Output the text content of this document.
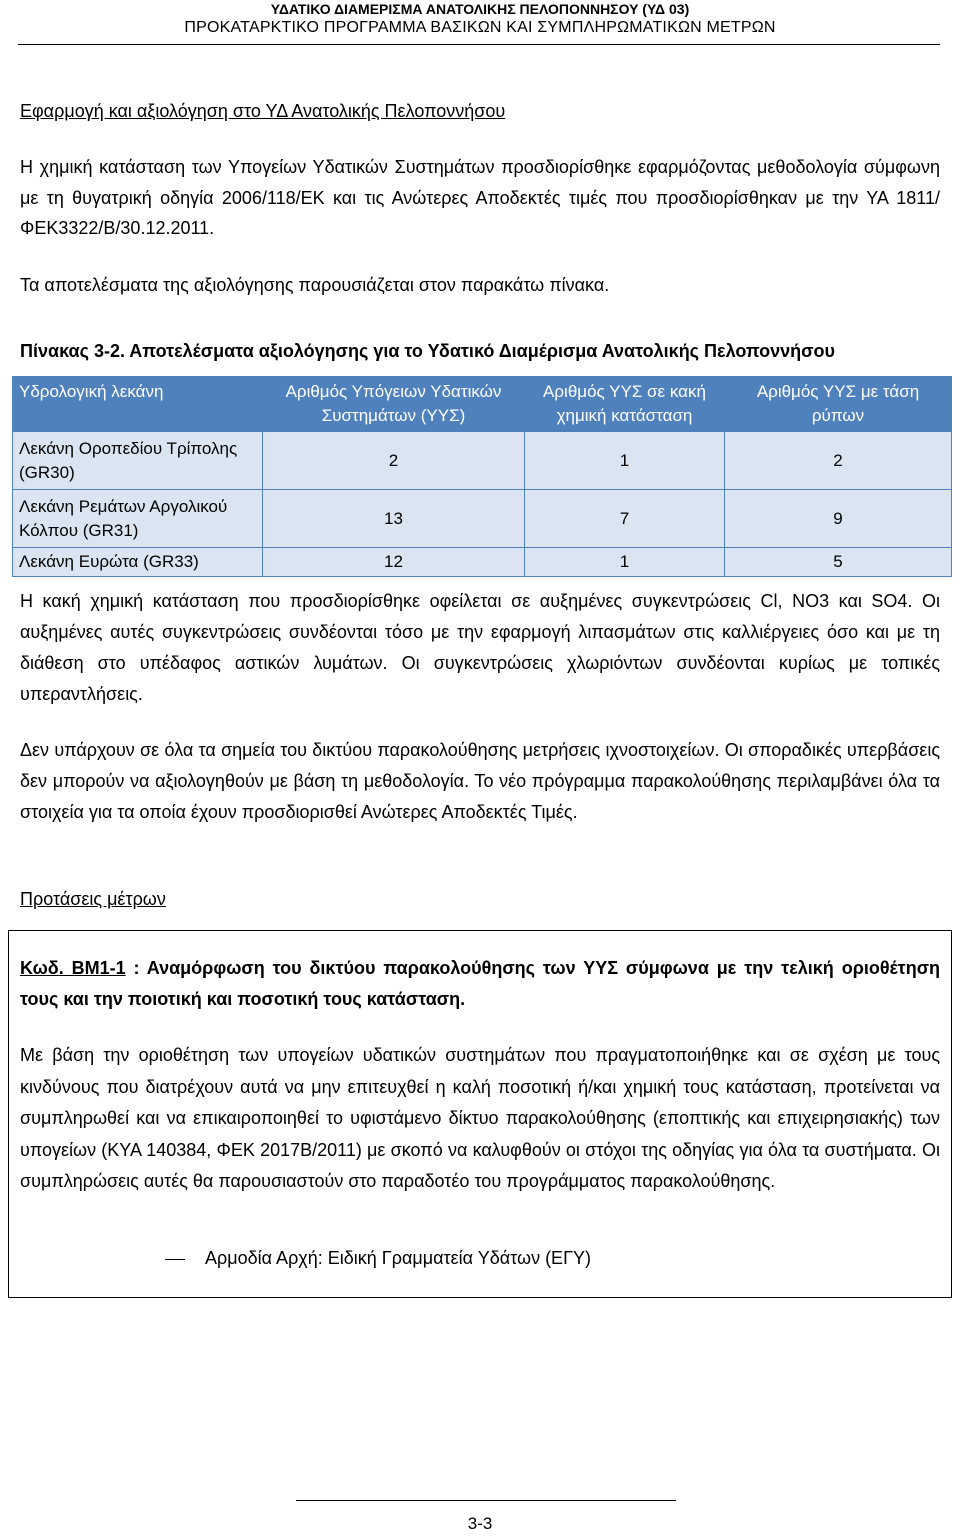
ΥΔΑΤΙΚΟ ΔΙΑΜΕΡΙΣΜΑ ΑΝΑΤΟΛΙΚΗΣ ΠΕΛΟΠΟΝΝΗΣΟΥ (ΥΔ 03)
ΠΡΟΚΑΤΑΡΚΤΙΚΟ ΠΡΟΓΡΑΜΜΑ ΒΑΣΙΚΩΝ ΚΑΙ ΣΥΜΠΛΗΡΩΜΑΤΙΚΩΝ ΜΕΤΡΩΝ
Εφαρμογή και αξιολόγηση στο ΥΔ Ανατολικής Πελοποννήσου
Η χημική κατάσταση των Υπογείων Υδατικών Συστημάτων προσδιορίσθηκε εφαρμόζοντας μεθοδολογία σύμφωνη με τη θυγατρική οδηγία 2006/118/ΕΚ και τις Ανώτερες Αποδεκτές τιμές που προσδιορίσθηκαν με την ΥΑ 1811/ΦΕΚ3322/Β/30.12.2011.
Τα αποτελέσματα της αξιολόγησης παρουσιάζεται στον παρακάτω πίνακα.
Πίνακας 3-2. Αποτελέσματα αξιολόγησης για το Υδατικό Διαμέρισμα Ανατολικής Πελοποννήσου
Υδρολογική λεκάνη	Αριθμός Υπόγειων Υδατικών Συστημάτων (ΥΥΣ)	Αριθμός ΥΥΣ σε κακή χημική κατάσταση	Αριθμός ΥΥΣ με τάση ρύπων
Λεκάνη Οροπεδίου Τρίπολης (GR30)	2	1	2
Λεκάνη Ρεμάτων Αργολικού Κόλπου (GR31)	13	7	9
Λεκάνη Ευρώτα (GR33)	12	1	5
Η κακή χημική κατάσταση που προσδιορίσθηκε οφείλεται σε αυξημένες συγκεντρώσεις Cl, NO3 και SO4. Οι αυξημένες αυτές συγκεντρώσεις συνδέονται τόσο με την εφαρμογή λιπασμάτων στις καλλιέργειες όσο και με τη διάθεση στο υπέδαφος αστικών λυμάτων. Οι συγκεντρώσεις χλωριόντων συνδέονται κυρίως με τοπικές υπεραντλήσεις.
Δεν υπάρχουν σε όλα τα σημεία του δικτύου παρακολούθησης μετρήσεις ιχνοστοιχείων. Οι σποραδικές υπερβάσεις δεν μπορούν να αξιολογηθούν με βάση τη μεθοδολογία. Το νέο πρόγραμμα παρακολούθησης περιλαμβάνει όλα τα στοιχεία για τα οποία έχουν προσδιορισθεί Ανώτερες Αποδεκτές Τιμές.
Προτάσεις μέτρων
Κωδ. ΒΜ1-1 : Αναμόρφωση του δικτύου παρακολούθησης των ΥΥΣ σύμφωνα με την τελική οριοθέτηση τους και την ποιοτική και ποσοτική τους κατάσταση.
Με βάση την οριοθέτηση των υπογείων υδατικών συστημάτων που πραγματοποιήθηκε και σε σχέση με τους κινδύνους που διατρέχουν αυτά να μην επιτευχθεί η καλή ποσοτική ή/και χημική τους κατάσταση, προτείνεται να συμπληρωθεί και να επικαιροποιηθεί το υφιστάμενο δίκτυο παρακολούθησης (εποπτικής και επιχειρησιακής) των υπογείων (ΚΥΑ 140384, ΦΕΚ 2017Β/2011) με σκοπό να καλυφθούν οι στόχοι της οδηγίας για όλα τα συστήματα. Οι συμπληρώσεις αυτές θα παρουσιαστούν στο παραδοτέο του προγράμματος παρακολούθησης.
Αρμοδία Αρχή: Ειδική Γραμματεία Υδάτων (ΕΓΥ)
3-3
